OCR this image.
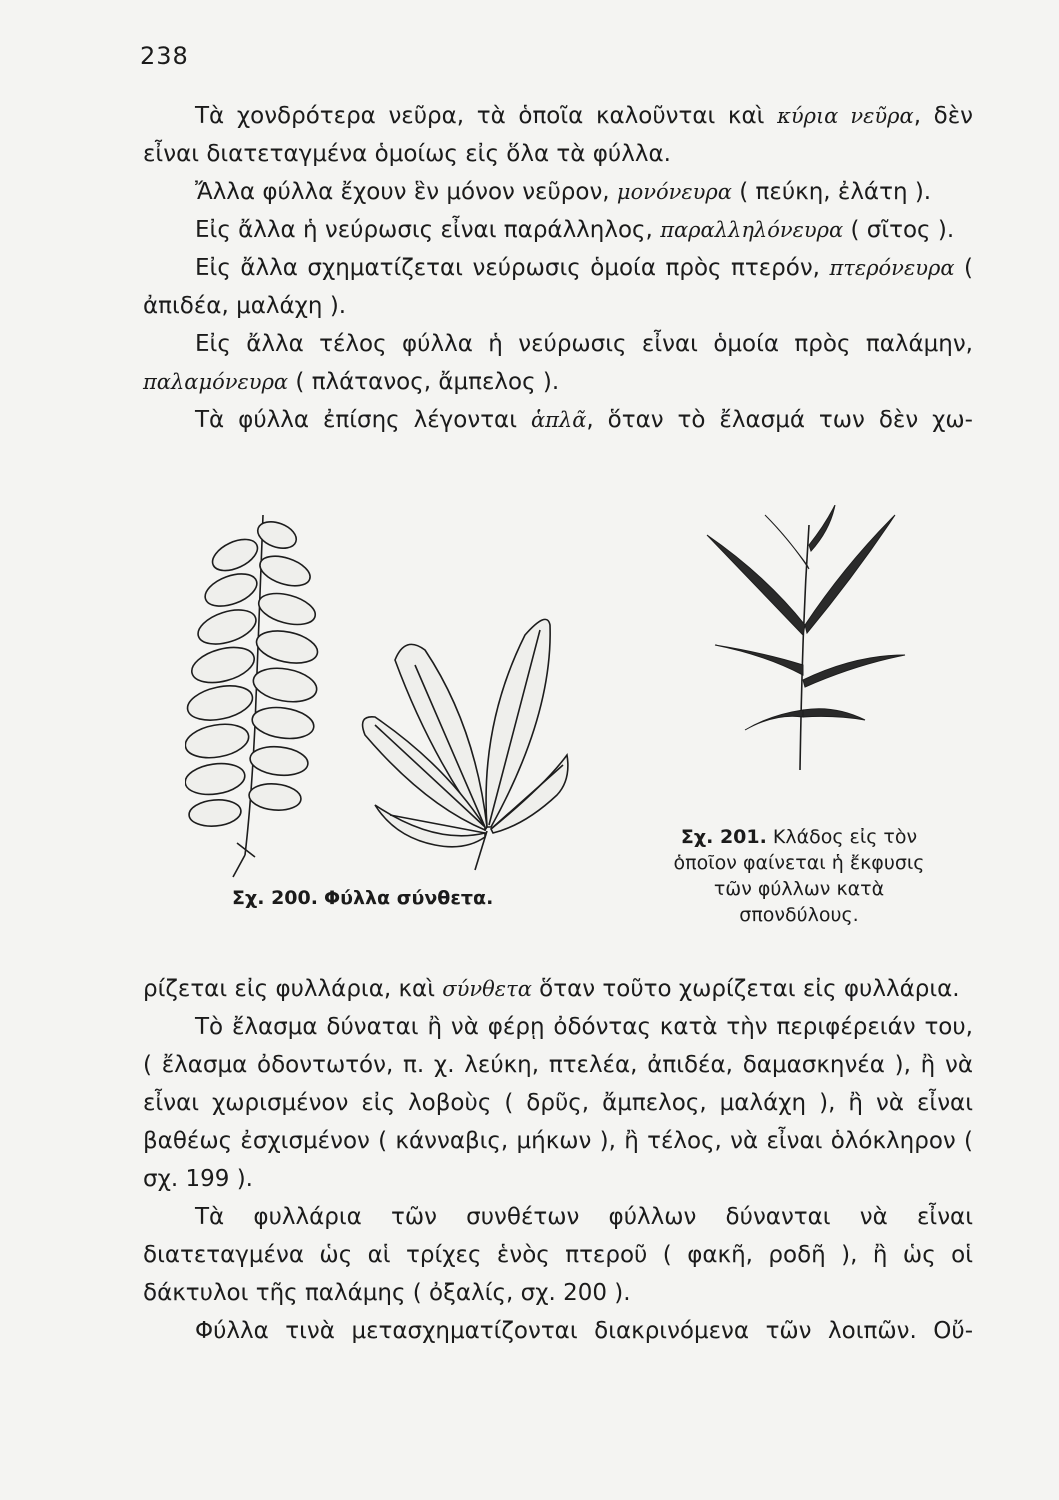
238

Τὰ χονδρότερα νεῦρα, τὰ ὁποῖα καλοῦνται καὶ κύρια νεῦρα, δὲν εἶναι διατεταγμένα ὁμοίως εἰς ὅλα τὰ φύλλα.

Ἄλλα φύλλα ἔχουν ἓν μόνον νεῦρον, μονόνευρα ( πεύκη, ἐλάτη ).

Εἰς ἄλλα ἡ νεύρωσις εἶναι παράλληλος, παραλληλόνευρα ( σῖτος ).

Εἰς ἄλλα σχηματίζεται νεύρωσις ὁμοία πρὸς πτερόν, πτερόνευρα ( ἀπιδέα, μαλάχη ).

Εἰς ἄλλα τέλος φύλλα ἡ νεύρωσις εἶναι ὁμοία πρὸς παλάμην, παλαμόνευρα ( πλάτανος, ἄμπελος ).

Τὰ φύλλα ἐπίσης λέγονται ἁπλᾶ, ὅταν τὸ ἔλασμά των δὲν χω-

Σχ. 200. Φύλλα σύνθετα.
Σχ. 201. Κλάδος εἰς τὸν ὁποῖον φαίνεται ἡ ἔκφυσις τῶν φύλλων κατὰ σπονδύλους.

ρίζεται εἰς φυλλάρια, καὶ σύνθετα ὅταν τοῦτο χωρίζεται εἰς φυλλάρια.

Τὸ ἔλασμα δύναται ἢ νὰ φέρῃ ὀδόντας κατὰ τὴν περιφέρειάν του, ( ἔλασμα ὀδοντωτόν, π. χ. λεύκη, πτελέα, ἀπιδέα, δαμασκηνέα ), ἢ νὰ εἶναι χωρισμένον εἰς λοβοὺς ( δρῦς, ἄμπελος, μαλάχη ), ἢ νὰ εἶναι βαθέως ἐσχισμένον ( κάνναβις, μήκων ), ἢ τέλος, νὰ εἶναι ὁλόκληρον ( σχ. 199 ).

Τὰ φυλλάρια τῶν συνθέτων φύλλων δύνανται νὰ εἶναι διατεταγμένα ὡς αἱ τρίχες ἑνὸς πτεροῦ ( φακῆ, ροδῆ ), ἢ ὡς οἱ δάκτυλοι τῆς παλάμης ( ὀξαλίς, σχ. 200 ).

Φύλλα τινὰ μετασχηματίζονται διακρινόμενα τῶν λοιπῶν. Οὔ-
